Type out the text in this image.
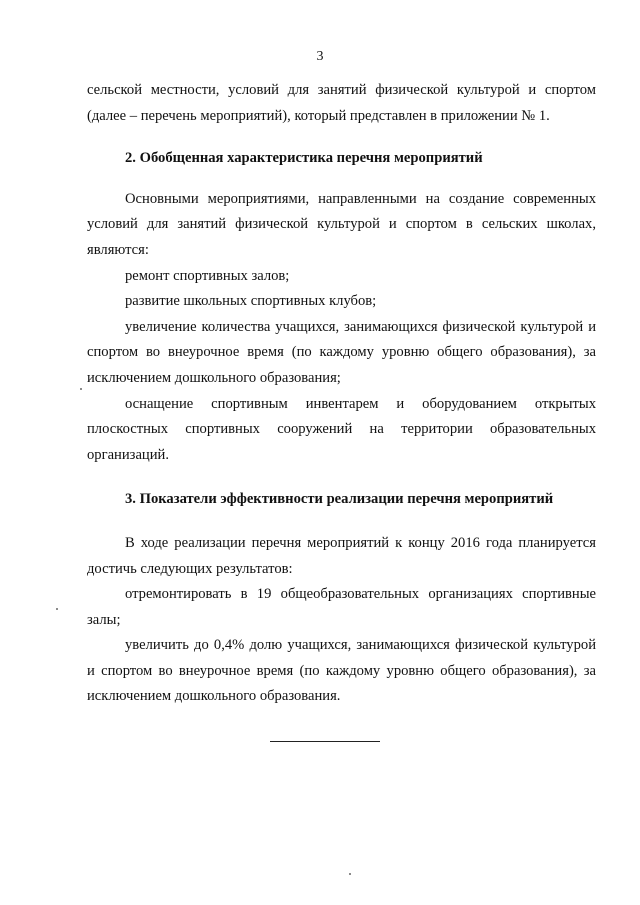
3

сельской местности, условий для занятий физической культурой и спортом (далее – перечень мероприятий), который представлен в приложении № 1.

2. Обобщенная характеристика перечня мероприятий

Основными мероприятиями, направленными на создание современных условий для занятий физической культурой и спортом в сельских школах, являются:

ремонт спортивных залов;

развитие школьных спортивных клубов;

увеличение количества учащихся, занимающихся физической культурой и спортом во внеурочное время (по каждому уровню общего образования), за исключением дошкольного образования;

оснащение спортивным инвентарем и оборудованием открытых плоскостных спортивных сооружений на территории образовательных организаций.

3. Показатели эффективности реализации перечня мероприятий

В ходе реализации перечня мероприятий к концу 2016 года планируется достичь следующих результатов:

отремонтировать в 19 общеобразовательных организациях спортивные залы;

увеличить до 0,4% долю учащихся, занимающихся физической культурой и спортом во внеурочное время (по каждому уровню общего образования), за исключением дошкольного образования.
